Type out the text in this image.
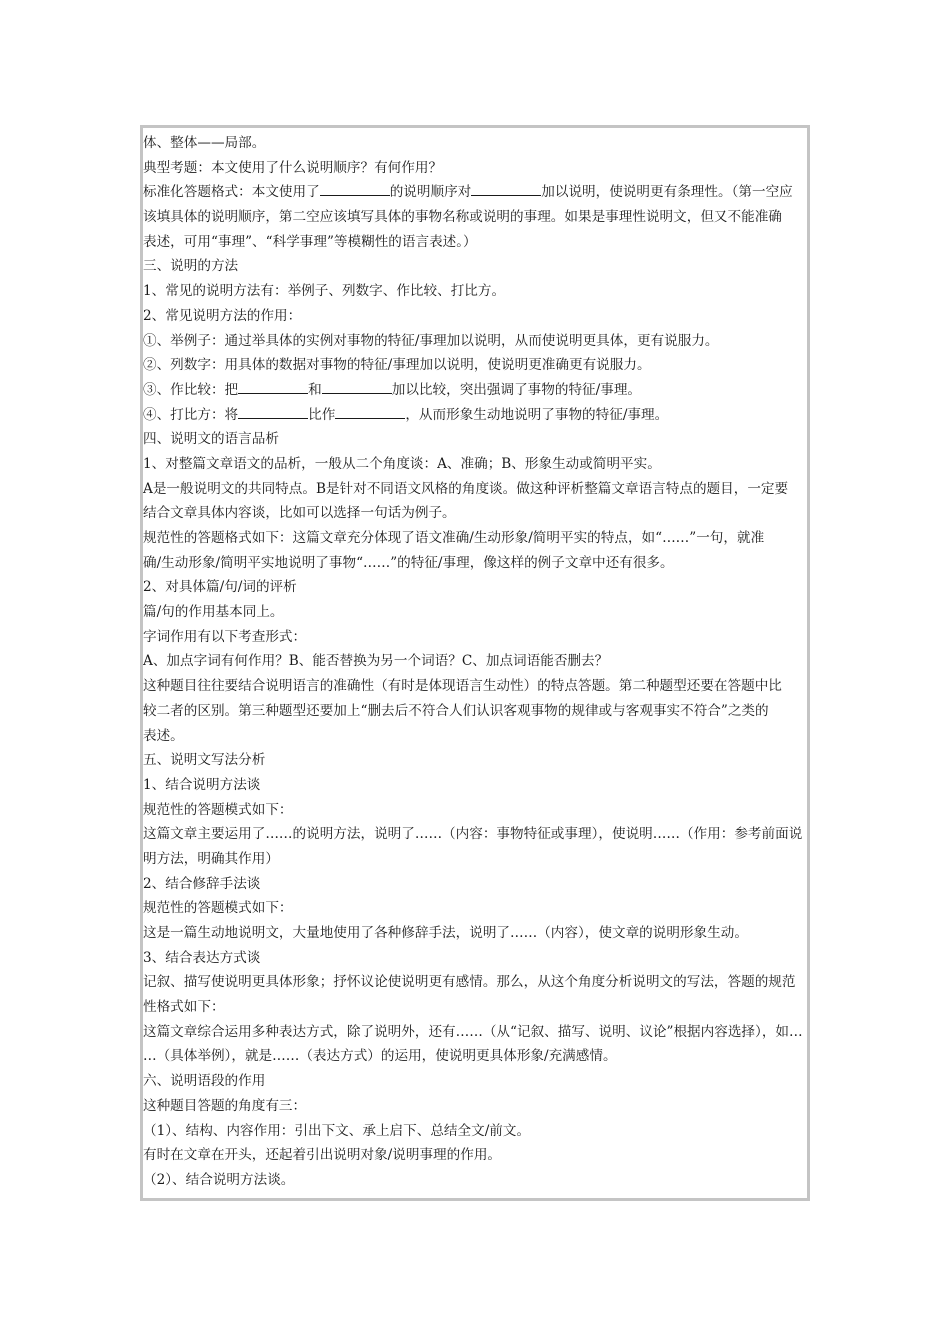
体、整体——局部。
典型考题：本文使用了什么说明顺序？有何作用？
标准化答题格式：本文使用了	的说明顺序对	加以说明，使说明更有条理性。（第一空应
该填具体的说明顺序，第二空应该填写具体的事物名称或说明的事理。如果是事理性说明文，但又不能准确
表述，可用“事理”、“科学事理”等模糊性的语言表述。）
三、说明的方法
1、常见的说明方法有：举例子、列数字、作比较、打比方。
2、常见说明方法的作用：
①、举例子：通过举具体的实例对事物的特征/事理加以说明，从而使说明更具体，更有说服力。
②、列数字：用具体的数据对事物的特征/事理加以说明，使说明更准确更有说服力。
③、作比较：把	和	加以比较，突出强调了事物的特征/事理。
④、打比方：将	比作	，从而形象生动地说明了事物的特征/事理。
四、说明文的语言品析
1、对整篇文章语文的品析，一般从二个角度谈：A、准确；B、形象生动或简明平实。
A是一般说明文的共同特点。B是针对不同语文风格的角度谈。做这种评析整篇文章语言特点的题目，一定要
结合文章具体内容谈，比如可以选择一句话为例子。
规范性的答题格式如下：这篇文章充分体现了语文准确/生动形象/简明平实的特点，如“……”一句，就准
确/生动形象/简明平实地说明了事物“……”的特征/事理，像这样的例子文章中还有很多。
2、对具体篇/句/词的评析
篇/句的作用基本同上。
字词作用有以下考查形式：
A、加点字词有何作用？B、能否替换为另一个词语？C、加点词语能否删去？
这种题目往往要结合说明语言的准确性（有时是体现语言生动性）的特点答题。第二种题型还要在答题中比
较二者的区别。第三种题型还要加上“删去后不符合人们认识客观事物的规律或与客观事实不符合”之类的
表述。
五、说明文写法分析
1、结合说明方法谈
规范性的答题模式如下：
这篇文章主要运用了……的说明方法，说明了……（内容：事物特征或事理），使说明……（作用：参考前面说
明方法，明确其作用）
2、结合修辞手法谈
规范性的答题模式如下：
这是一篇生动地说明文，大量地使用了各种修辞手法，说明了……（内容），使文章的说明形象生动。
3、结合表达方式谈
记叙、描写使说明更具体形象；抒怀议论使说明更有感情。那么，从这个角度分析说明文的写法，答题的规范
性格式如下：
这篇文章综合运用多种表达方式，除了说明外，还有……（从“记叙、描写、说明、议论”根据内容选择），如…
…（具体举例），就是……（表达方式）的运用，使说明更具体形象/充满感情。
六、说明语段的作用
这种题目答题的角度有三：
（1）、结构、内容作用：引出下文、承上启下、总结全文/前文。
有时在文章在开头，还起着引出说明对象/说明事理的作用。
（2）、结合说明方法谈。
